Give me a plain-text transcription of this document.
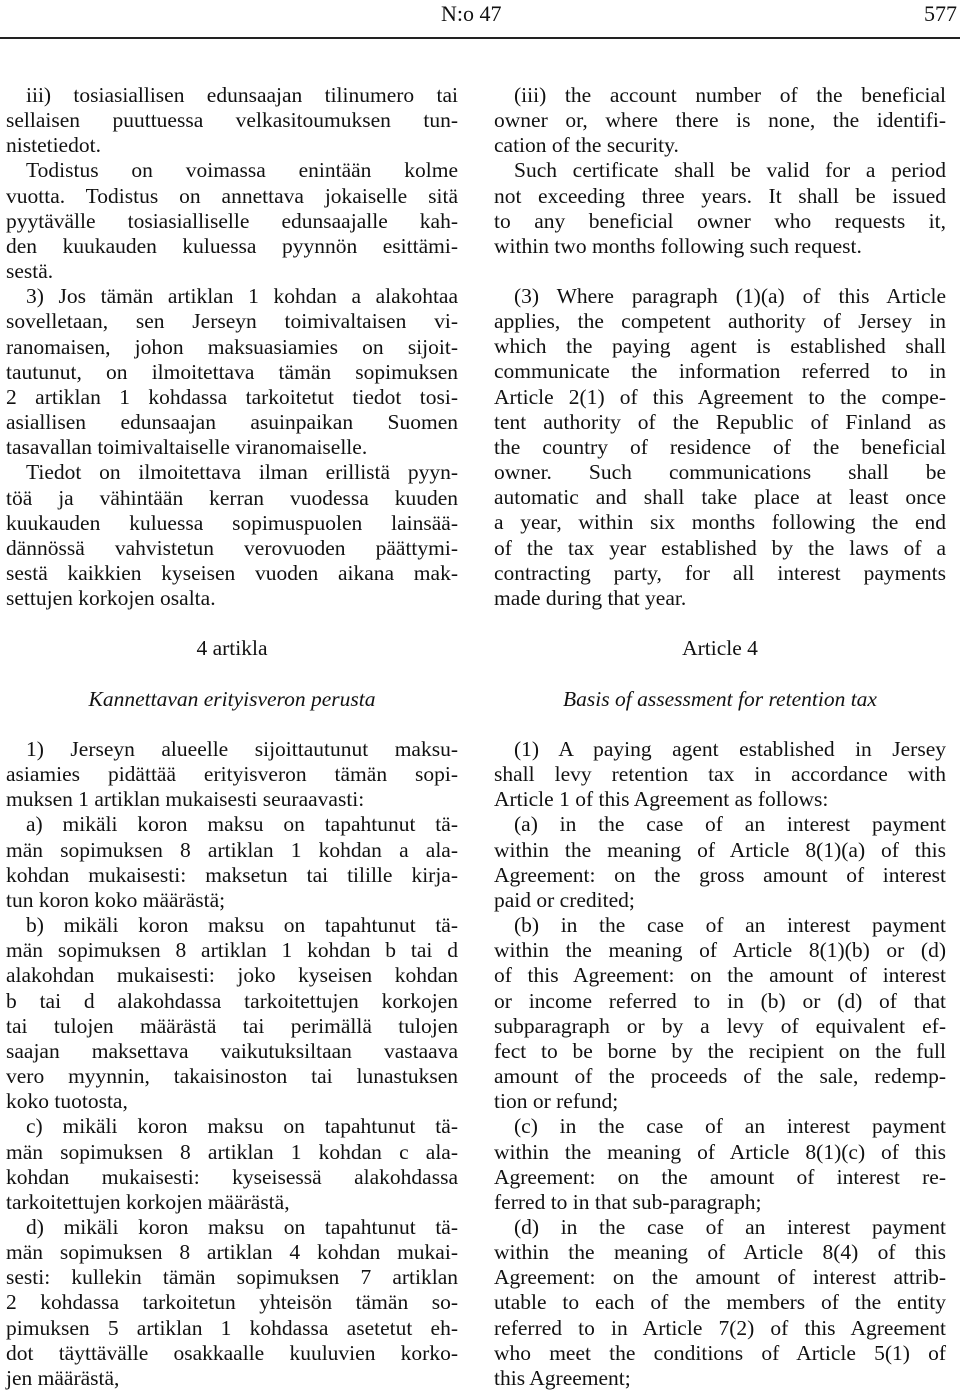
N:o 47	577
iii) tosiasiallisen edunsaajan tilinumero tai
sellaisen puuttuessa velkasitoumuksen tun-
nistetiedot.
Todistus on voimassa enintään kolme
vuotta. Todistus on annettava jokaiselle sitä
pyytävälle tosiasialliselle edunsaajalle kah-
den kuukauden kuluessa pyynnön esittämi-
sestä.
3) Jos tämän artiklan 1 kohdan a alakohtaa
sovelletaan, sen Jerseyn toimivaltaisen vi-
ranomaisen, johon maksuasiamies on sijoit-
tautunut, on ilmoitettava tämän sopimuksen
2 artiklan 1 kohdassa tarkoitetut tiedot tosi-
asiallisen edunsaajan asuinpaikan Suomen
tasavallan toimivaltaiselle viranomaiselle.
Tiedot on ilmoitettava ilman erillistä pyyn-
töä ja vähintään kerran vuodessa kuuden
kuukauden kuluessa sopimuspuolen lainsää-
dännössä vahvistetun verovuoden päättymi-
sestä kaikkien kyseisen vuoden aikana mak-
settujen korkojen osalta.
4 artikla
Kannettavan erityisveron perusta
1) Jerseyn alueelle sijoittautunut maksu-
asiamies pidättää erityisveron tämän sopi-
muksen 1 artiklan mukaisesti seuraavasti:
a) mikäli koron maksu on tapahtunut tä-
män sopimuksen 8 artiklan 1 kohdan a ala-
kohdan mukaisesti: maksetun tai tilille kirja-
tun koron koko määrästä;
b) mikäli koron maksu on tapahtunut tä-
män sopimuksen 8 artiklan 1 kohdan b tai d
alakohdan mukaisesti: joko kyseisen kohdan
b tai d alakohdassa tarkoitettujen korkojen
tai tulojen määrästä tai perimällä tulojen
saajan maksettava vaikutuksiltaan vastaava
vero myynnin, takaisinoston tai lunastuksen
koko tuotosta,
c) mikäli koron maksu on tapahtunut tä-
män sopimuksen 8 artiklan 1 kohdan c ala-
kohdan mukaisesti: kyseisessä alakohdassa
tarkoitettujen korkojen määrästä,
d) mikäli koron maksu on tapahtunut tä-
män sopimuksen 8 artiklan 4 kohdan mukai-
sesti: kullekin tämän sopimuksen 7 artiklan
2 kohdassa tarkoitetun yhteisön tämän so-
pimuksen 5 artiklan 1 kohdassa asetetut eh-
dot täyttävälle osakkaalle kuuluvien korko-
jen määrästä,
(iii) the account number of the beneficial
owner or, where there is none, the identifi-
cation of the security.
Such certificate shall be valid for a period
not exceeding three years. It shall be issued
to any beneficial owner who requests it,
within two months following such request.
(3) Where paragraph (1)(a) of this Article
applies, the competent authority of Jersey in
which the paying agent is established shall
communicate the information referred to in
Article 2(1) of this Agreement to the compe-
tent authority of the Republic of Finland as
the country of residence of the beneficial
owner. Such communications shall be
automatic and shall take place at least once
a year, within six months following the end
of the tax year established by the laws of a
contracting party, for all interest payments
made during that year.
Article 4
Basis of assessment for retention tax
(1) A paying agent established in Jersey
shall levy retention tax in accordance with
Article 1 of this Agreement as follows:
(a) in the case of an interest payment
within the meaning of Article 8(1)(a) of this
Agreement: on the gross amount of interest
paid or credited;
(b) in the case of an interest payment
within the meaning of Article 8(1)(b) or (d)
of this Agreement: on the amount of interest
or income referred to in (b) or (d) of that
subparagraph or by a levy of equivalent ef-
fect to be borne by the recipient on the full
amount of the proceeds of the sale, redemp-
tion or refund;
(c) in the case of an interest payment
within the meaning of Article 8(1)(c) of this
Agreement: on the amount of interest re-
ferred to in that sub-paragraph;
(d) in the case of an interest payment
within the meaning of Article 8(4) of this
Agreement: on the amount of interest attrib-
utable to each of the members of the entity
referred to in Article 7(2) of this Agreement
who meet the conditions of Article 5(1) of
this Agreement;
